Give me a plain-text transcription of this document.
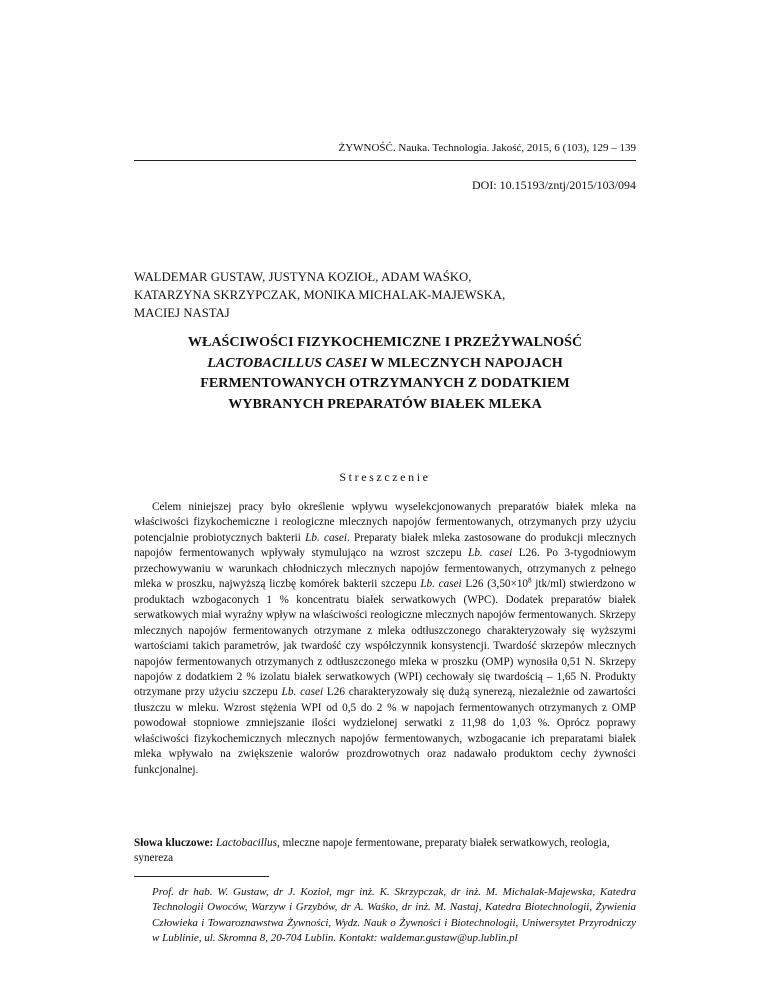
ŻYWNOŚĆ. Nauka. Technologia. Jakość, 2015, 6 (103), 129 – 139
DOI: 10.15193/zntj/2015/103/094
WALDEMAR GUSTAW, JUSTYNA KOZIOŁ, ADAM WAŚKO,
KATARZYNA SKRZYPCZAK, MONIKA MICHALAK-MAJEWSKA,
MACIEJ NASTAJ
WŁAŚCIWOŚCI FIZYKOCHEMICZNE I PRZEŻYWALNOŚĆ
LACTOBACILLUS CASEI W MLECZNYCH NAPOJACH
FERMENTOWANYCH OTRZYMANYCH Z DODATKIEM
WYBRANYCH PREPARATÓW BIAŁEK MLEKA
Streszczenie

Celem niniejszej pracy było określenie wpływu wyselekcjonowanych preparatów białek mleka na właściwości fizykochemiczne i reologiczne mlecznych napojów fermentowanych, otrzymanych przy użyciu potencjalnie probiotycznych bakterii Lb. casei. Preparaty białek mleka zastosowane do produkcji mlecznych napojów fermentowanych wpływały stymulująco na wzrost szczepu Lb. casei L26. Po 3-tygodniowym przechowywaniu w warunkach chłodniczych mlecznych napojów fermentowanych, otrzymanych z pełnego mleka w proszku, najwyższą liczbę komórek bakterii szczepu Lb. casei L26 ($3,50\times 10^8$ jtk/ml) stwierdzono w produktach wzbogaconych 1 % koncentratu białek serwatkowych (WPC). Dodatek preparatów białek serwatkowych miał wyraźny wpływ na właściwości reologiczne mlecznych napojów fermentowanych. Skrzepy mlecznych napojów fermentowanych otrzymane z mleka odtłuszczonego charakteryzowały się wyższymi wartościami takich parametrów, jak twardość czy współczynnik konsystencji. Twardość skrzepów mlecznych napojów fermentowanych otrzymanych z odtłuszczonego mleka w proszku (OMP) wynosiła 0,51 N. Skrzepy napojów z dodatkiem 2 % izolatu białek serwatkowych (WPI) cechowały się twardością – 1,65 N. Produkty otrzymane przy użyciu szczepu Lb. casei L26 charakteryzowały się dużą synerezą, niezależnie od zawartości tłuszczu w mleku. Wzrost stężenia WPI od 0,5 do 2 % w napojach fermentowanych otrzymanych z OMP powodował stopniowe zmniejszanie ilości wydzielonej serwatki z 11,98 do 1,03 %. Oprócz poprawy właściwości fizykochemicznych mlecznych napojów fermentowanych, wzbogacanie ich preparatami białek mleka wpływało na zwiększenie walorów prozdrowotnych oraz nadawało produktom cechy żywności funkcjonalnej.

Słowa kluczowe: Lactobacillus, mleczne napoje fermentowane, preparaty białek serwatkowych, reologia, synereza

Prof. dr hab. W. Gustaw, dr J. Kozioł, mgr inż. K. Skrzypczak, dr inż. M. Michalak-Majewska, Katedra Technologii Owoców, Warzyw i Grzybów, dr A. Waśko, dr inż. M. Nastaj, Katedra Biotechnologii, Żywienia Człowieka i Towaroznawstwa Żywności, Wydz. Nauk o Żywności i Biotechnologii, Uniwersytet Przyrodniczy w Lublinie, ul. Skromna 8, 20-704 Lublin. Kontakt: waldemar.gustaw@up.lublin.pl
